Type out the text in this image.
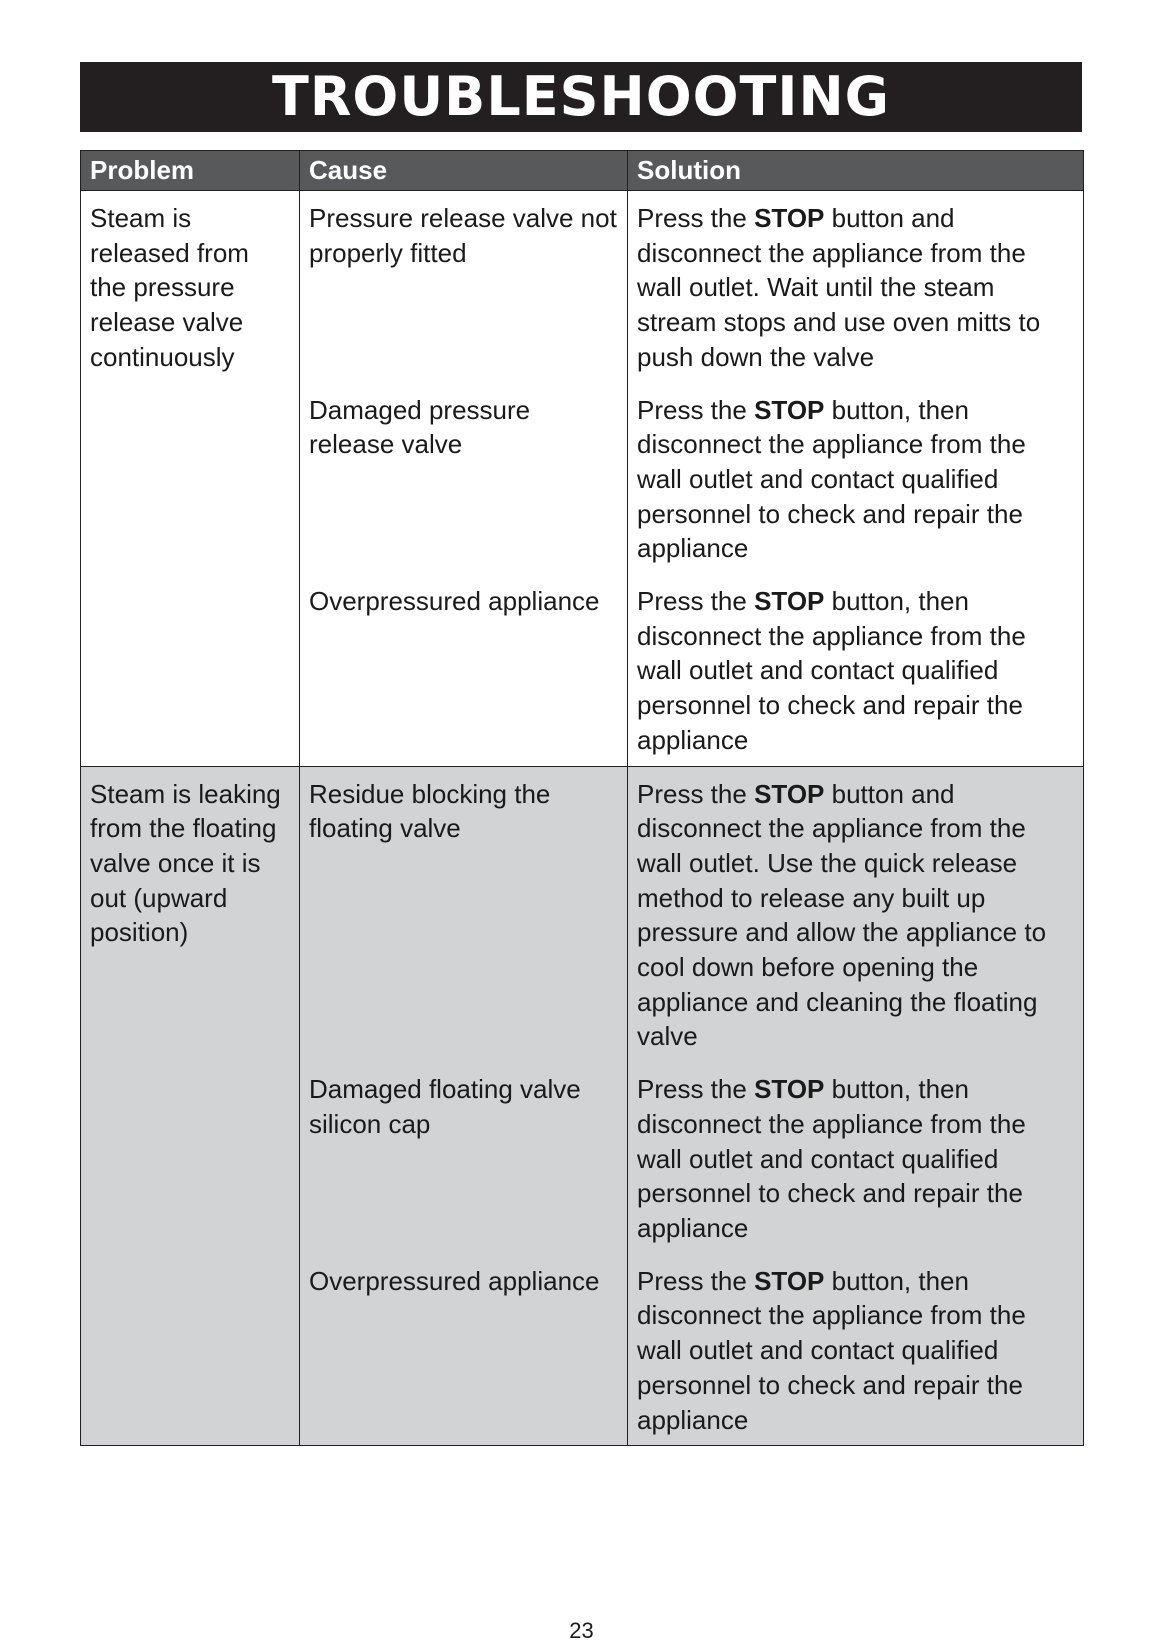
TROUBLESHOOTING
Problem	Cause	Solution
Steam is released from the pressure release valve continuously	Pressure release valve not properly fitted	Press the STOP button and disconnect the appliance from the wall outlet. Wait until the steam stream stops and use oven mitts to push down the valve
	Damaged pressure release valve	Press the STOP button, then disconnect the appliance from the wall outlet and contact qualified personnel to check and repair the appliance
	Overpressured appliance	Press the STOP button, then disconnect the appliance from the wall outlet and contact qualified personnel to check and repair the appliance
Steam is leaking from the floating valve once it is out (upward position)	Residue blocking the floating valve	Press the STOP button and disconnect the appliance from the wall outlet. Use the quick release method to release any built up pressure and allow the appliance to cool down before opening the appliance and cleaning the floating valve
	Damaged floating valve silicon cap	Press the STOP button, then disconnect the appliance from the wall outlet and contact qualified personnel to check and repair the appliance
	Overpressured appliance	Press the STOP button, then disconnect the appliance from the wall outlet and contact qualified personnel to check and repair the appliance
23
